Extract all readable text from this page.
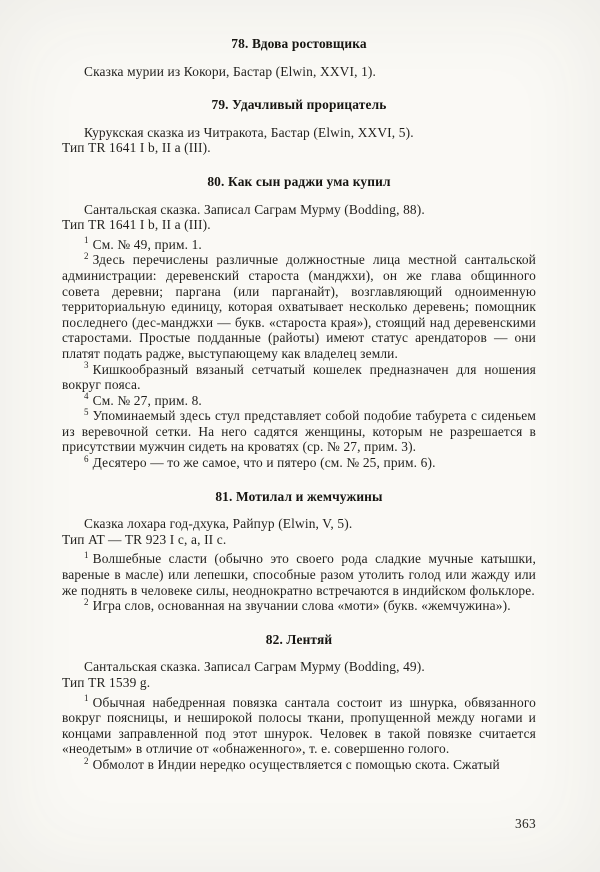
78. Вдова ростовщика

Сказка мурии из Кокори, Бастар (Elwin, XXVI, 1).

79. Удачливый прорицатель

Курукская сказка из Читракота, Бастар (Elwin, XXVI, 5).

Тип TR 1641 I b, II a (III).

80. Как сын раджи ума купил

Сантальская сказка. Записал Саграм Мурму (Bodding, 88).

Тип TR 1641 I b, II a (III).

$^1$ См. № 49, прим. 1.

$^2$ Здесь перечислены различные должностные лица местной сантальской администрации: деревенский староста (манджхи), он же глава общинного совета деревни; паргана (или парганайт), возглавляющий одноименную территориальную единицу, которая охватывает несколько деревень; помощник последнего (дес-манджхи — букв. «староста края»), стоящий над деревенскими старостами. Простые подданные (райоты) имеют статус арендаторов — они платят подать радже, выступающему как владелец земли.

$^3$ Кишкообразный вязаный сетчатый кошелек предназначен для ношения вокруг пояса.

$^4$ См. № 27, прим. 8.

$^5$ Упоминаемый здесь стул представляет собой подобие табурета с сиденьем из веревочной сетки. На него садятся женщины, которым не разрешается в присутствии мужчин сидеть на кроватях (ср. № 27, прим. 3).

$^6$ Десятеро — то же самое, что и пятеро (см. № 25, прим. 6).

81. Мотилал и жемчужины

Сказка лохара год-дхука, Райпур (Elwin, V, 5).

Тип AT — TR 923 I c, a, II c.

$^1$ Волшебные сласти (обычно это своего рода сладкие мучные катышки, вареные в масле) или лепешки, способные разом утолить голод или жажду или же поднять в человеке силы, неоднократно встречаются в индийском фольклоре.

$^2$ Игра слов, основанная на звучании слова «моти» (букв. «жемчужина»).

82. Лентяй

Сантальская сказка. Записал Саграм Мурму (Bodding, 49).

Тип TR 1539 g.

$^1$ Обычная набедренная повязка сантала состоит из шнурка, обвязанного вокруг поясницы, и неширокой полосы ткани, пропущенной между ногами и концами заправленной под этот шнурок. Человек в такой повязке считается «неодетым» в отличие от «обнаженного», т. е. совершенно голого.

$^2$ Обмолот в Индии нередко осуществляется с помощью скота. Сжатый

363
